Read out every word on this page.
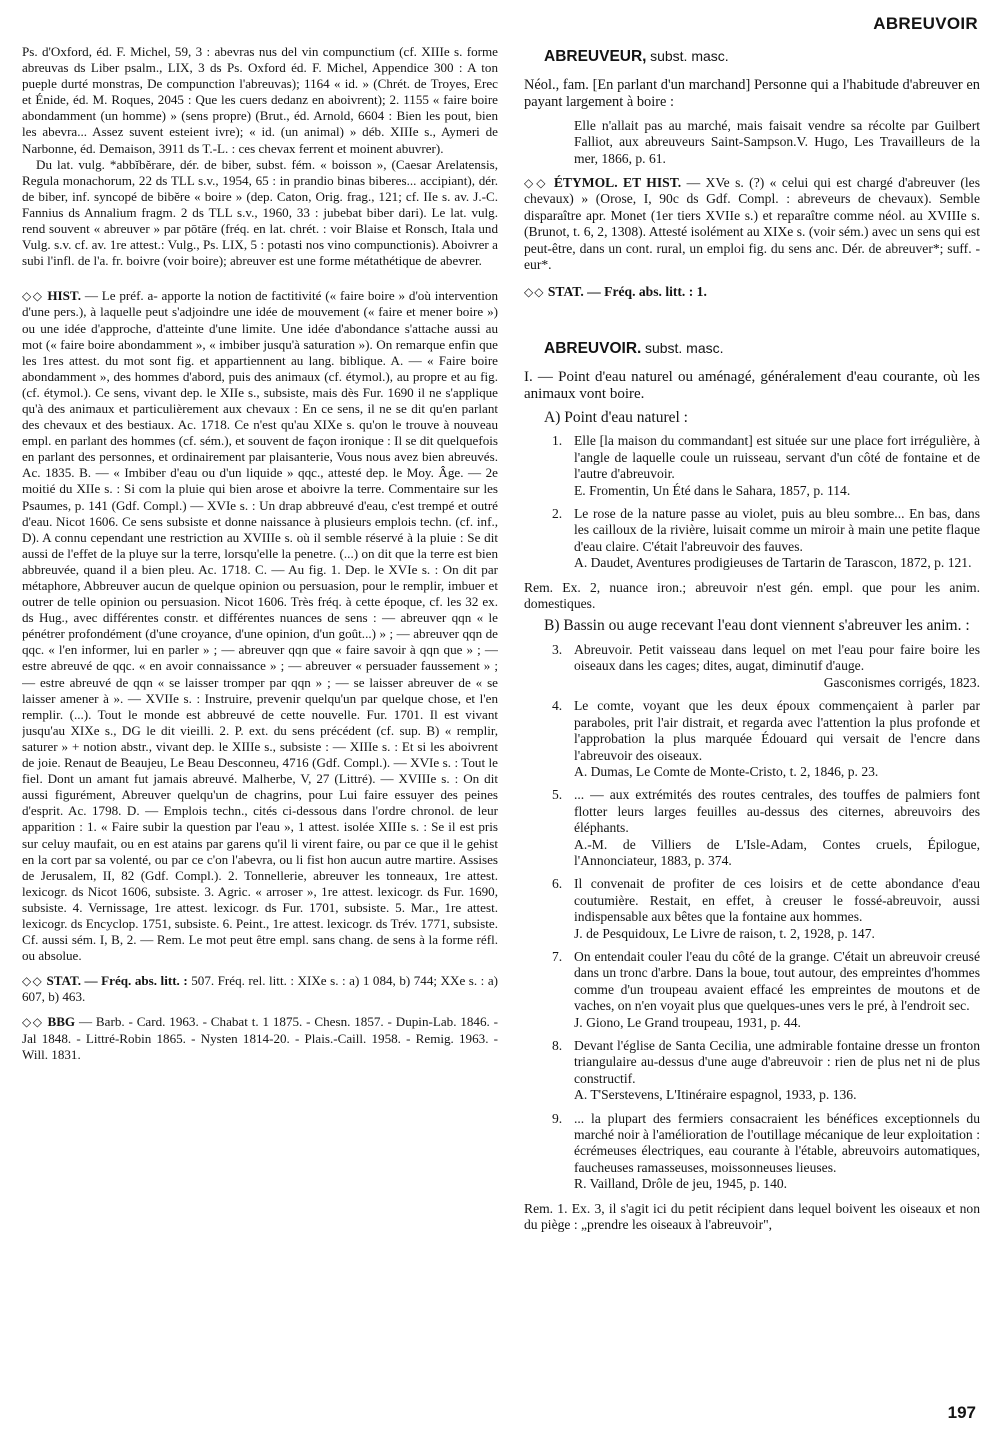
ABREUVOIR

Ps. d'Oxford, éd. F. Michel, 59, 3 : abevras nus del vin compunctium (cf. XIIIe s. forme abreuvas ds Liber psalm., LIX, 3 ds Ps. Oxford éd. F. Michel, Appendice 300 : A ton pueple durté monstras, De compunction l'abreuvas); 1164 « id. » (Chrét. de Troyes, Erec et Énide, éd. M. Roques, 2045 : Que les cuers dedanz en aboivrent); 2. 1155 « faire boire abondamment (un homme) » (sens propre) (Brut., éd. Arnold, 6604 : Bien les pout, bien les abevra... Assez suvent esteient ivre); « id. (un animal) » déb. XIIIe s., Aymeri de Narbonne, éd. Demaison, 3911 ds T.-L. : ces chevax ferrent et moinent abuvrer).

Du lat. vulg. *abbĭbĕrare, dér. de biber, subst. fém. « boisson », (Caesar Arelatensis, Regula monachorum, 22 ds TLL s.v., 1954, 65 : in prandio binas biberes... accipiant), dér. de biber, inf. syncopé de bibĕre « boire » (dep. Caton, Orig. frag., 121; cf. IIe s. av. J.-C. Fannius ds Annalium fragm. 2 ds TLL s.v., 1960, 33 : jubebat biber dari). Le lat. vulg. rend souvent « abreuver » par pōtāre (fréq. en lat. chrét. : voir Blaise et Ronsch, Itala und Vulg. s.v. cf. av. 1re attest.: Vulg., Ps. LIX, 5 : potasti nos vino compunctionis). Aboivrer a subi l'infl. de l'a. fr. boivre (voir boire); abreuver est une forme métathétique de abevrer.

◇◇ HIST. — Le préf. a- apporte la notion de factitivité (« faire boire » d'où intervention d'une pers.), à laquelle peut s'adjoindre une idée de mouvement (« faire et mener boire ») ou une idée d'approche, d'atteinte d'une limite. Une idée d'abondance s'attache aussi au mot (« faire boire abondamment », « imbiber jusqu'à saturation »). On remarque enfin que les 1res attest. du mot sont fig. et appartiennent au lang. biblique. A. — « Faire boire abondamment », des hommes d'abord, puis des animaux (cf. étymol.), au propre et au fig. (cf. étymol.). Ce sens, vivant dep. le XIIe s., subsiste, mais dès Fur. 1690 il ne s'applique qu'à des animaux et particulièrement aux chevaux : En ce sens, il ne se dit qu'en parlant des chevaux et des bestiaux. Ac. 1718. Ce n'est qu'au XIXe s. qu'on le trouve à nouveau empl. en parlant des hommes (cf. sém.), et souvent de façon ironique : Il se dit quelquefois en parlant des personnes, et ordinairement par plaisanterie, Vous nous avez bien abreuvés. Ac. 1835. B. — « Imbiber d'eau ou d'un liquide » qqc., attesté dep. le Moy. Âge. — 2e moitié du XIIe s. : Si com la pluie qui bien arose et aboivre la terre. Commentaire sur les Psaumes, p. 141 (Gdf. Compl.) — XVIe s. : Un drap abbreuvé d'eau, c'est trempé et outré d'eau. Nicot 1606. Ce sens subsiste et donne naissance à plusieurs emplois techn. (cf. inf., D). A connu cependant une restriction au XVIIIe s. où il semble réservé à la pluie : Se dit aussi de l'effet de la pluye sur la terre, lorsqu'elle la penetre. (...) on dit que la terre est bien abbreuvée, quand il a bien pleu. Ac. 1718. C. — Au fig. 1. Dep. le XVIe s. : On dit par métaphore, Abbreuver aucun de quelque opinion ou persuasion, pour le remplir, imbuer et outrer de telle opinion ou persuasion. Nicot 1606. Très fréq. à cette époque, cf. les 32 ex. ds Hug., avec différentes constr. et différentes nuances de sens : — abreuver qqn « le pénétrer profondément (d'une croyance, d'une opinion, d'un goût...) » ; — abreuver qqn de qqc. « l'en informer, lui en parler » ; — abreuver qqn que « faire savoir à qqn que » ; — estre abreuvé de qqc. « en avoir connaissance » ; — abreuver « persuader faussement » ; — estre abreuvé de qqn « se laisser tromper par qqn » ; — se laisser abreuver de « se laisser amener à ». — XVIIe s. : Instruire, prevenir quelqu'un par quelque chose, et l'en remplir. (...). Tout le monde est abbreuvé de cette nouvelle. Fur. 1701. Il est vivant jusqu'au XIXe s., DG le dit vieilli. 2. P. ext. du sens précédent (cf. sup. B) « remplir, saturer » + notion abstr., vivant dep. le XIIIe s., subsiste : — XIIIe s. : Et si les aboivrent de joie. Renaut de Beaujeu, Le Beau Desconneu, 4716 (Gdf. Compl.). — XVIe s. : Tout le fiel. Dont un amant fut jamais abreuvé. Malherbe, V, 27 (Littré). — XVIIIe s. : On dit aussi figurément, Abreuver quelqu'un de chagrins, pour Lui faire essuyer des peines d'esprit. Ac. 1798. D. — Emplois techn., cités ci-dessous dans l'ordre chronol. de leur apparition : 1. « Faire subir la question par l'eau », 1 attest. isolée XIIIe s. : Se il est pris sur celuy maufait, ou en est atains par garens qu'il li virent faire, ou par ce que il le gehist en la cort par sa volenté, ou par ce c'on l'abevra, ou li fist hon aucun autre martire. Assises de Jerusalem, II, 82 (Gdf. Compl.). 2. Tonnellerie, abreuver les tonneaux, 1re attest. lexicogr. ds Nicot 1606, subsiste. 3. Agric. « arroser », 1re attest. lexicogr. ds Fur. 1690, subsiste. 4. Vernissage, 1re attest. lexicogr. ds Fur. 1701, subsiste. 5. Mar., 1re attest. lexicogr. ds Encyclop. 1751, subsiste. 6. Peint., 1re attest. lexicogr. ds Trév. 1771, subsiste. Cf. aussi sém. I, B, 2. — Rem. Le mot peut être empl. sans chang. de sens à la forme réfl. ou absolue.

◇◇ STAT. — Fréq. abs. litt. : 507. Fréq. rel. litt. : XIXe s. : a) 1 084, b) 744; XXe s. : a) 607, b) 463.

◇◇ BBG — Barb. - Card. 1963. - Chabat t. 1 1875. - Chesn. 1857. - Dupin-Lab. 1846. - Jal 1848. - Littré-Robin 1865. - Nysten 1814-20. - Plais.-Caill. 1958. - Remig. 1963. - Will. 1831.

ABREUVEUR, subst. masc.

Néol., fam. [En parlant d'un marchand] Personne qui a l'habitude d'abreuver en payant largement à boire :

Elle n'allait pas au marché, mais faisait vendre sa récolte par Guilbert Falliot, aux abreuveurs Saint-Sampson.V. Hugo, Les Travailleurs de la mer, 1866, p. 61.

◇◇ ÉTYMOL. ET HIST. — XVe s. (?) « celui qui est chargé d'abreuver (les chevaux) » (Orose, I, 90c ds Gdf. Compl. : abreveurs de chevaux). Semble disparaître apr. Monet (1er tiers XVIIe s.) et reparaître comme néol. au XVIIIe s. (Brunot, t. 6, 2, 1308). Attesté isolément au XIXe s. (voir sém.) avec un sens qui est peut-être, dans un cont. rural, un emploi fig. du sens anc. Dér. de abreuver*; suff. -eur*.

◇◇ STAT. — Fréq. abs. litt. : 1.

ABREUVOIR. subst. masc.

I. — Point d'eau naturel ou aménagé, généralement d'eau courante, où les animaux vont boire.

A) Point d'eau naturel :

1. Elle [la maison du commandant] est située sur une place fort irrégulière, à l'angle de laquelle coule un ruisseau, servant d'un côté de fontaine et de l'autre d'abreuvoir.
E. Fromentin, Un Été dans le Sahara, 1857, p. 114.
2. Le rose de la nature passe au violet, puis au bleu sombre... En bas, dans les cailloux de la rivière, luisait comme un miroir à main une petite flaque d'eau claire. C'était l'abreuvoir des fauves.
A. Daudet, Aventures prodigieuses de Tartarin de Tarascon, 1872, p. 121.

Rem. Ex. 2, nuance iron.; abreuvoir n'est gén. empl. que pour les anim. domestiques.

B) Bassin ou auge recevant l'eau dont viennent s'abreuver les anim. :

3. Abreuvoir. Petit vaisseau dans lequel on met l'eau pour faire boire les oiseaux dans les cages; dites, augat, diminutif d'auge.
Gasconismes corrigés, 1823.
4. Le comte, voyant que les deux époux commençaient à parler par paraboles, prit l'air distrait, et regarda avec l'attention la plus profonde et l'approbation la plus marquée Édouard qui versait de l'encre dans l'abreuvoir des oiseaux.
A. Dumas, Le Comte de Monte-Cristo, t. 2, 1846, p. 23.
5. ... — aux extrémités des routes centrales, des touffes de palmiers font flotter leurs larges feuilles au-dessus des citernes, abreuvoirs des éléphants.
A.-M. de Villiers de L'Isle-Adam, Contes cruels, Épilogue, l'Annonciateur, 1883, p. 374.
6. Il convenait de profiter de ces loisirs et de cette abondance d'eau coutumière. Restait, en effet, à creuser le fossé-abreuvoir, aussi indispensable aux bêtes que la fontaine aux hommes.
J. de Pesquidoux, Le Livre de raison, t. 2, 1928, p. 147.
7. On entendait couler l'eau du côté de la grange. C'était un abreuvoir creusé dans un tronc d'arbre. Dans la boue, tout autour, des empreintes d'hommes comme d'un troupeau avaient effacé les empreintes de moutons et de vaches, on n'en voyait plus que quelques-unes vers le pré, à l'endroit sec.
J. Giono, Le Grand troupeau, 1931, p. 44.
8. Devant l'église de Santa Cecilia, une admirable fontaine dresse un fronton triangulaire au-dessus d'une auge d'abreuvoir : rien de plus net ni de plus constructif.
A. T'Serstevens, L'Itinéraire espagnol, 1933, p. 136.
9. ... la plupart des fermiers consacraient les bénéfices exceptionnels du marché noir à l'amélioration de l'outillage mécanique de leur exploitation : écrémeuses électriques, eau courante à l'étable, abreuvoirs automatiques, faucheuses ramasseuses, moissonneuses lieuses.
R. Vailland, Drôle de jeu, 1945, p. 140.

Rem. 1. Ex. 3, il s'agit ici du petit récipient dans lequel boivent les oiseaux et non du piège : „prendre les oiseaux à l'abreuvoir",

197
